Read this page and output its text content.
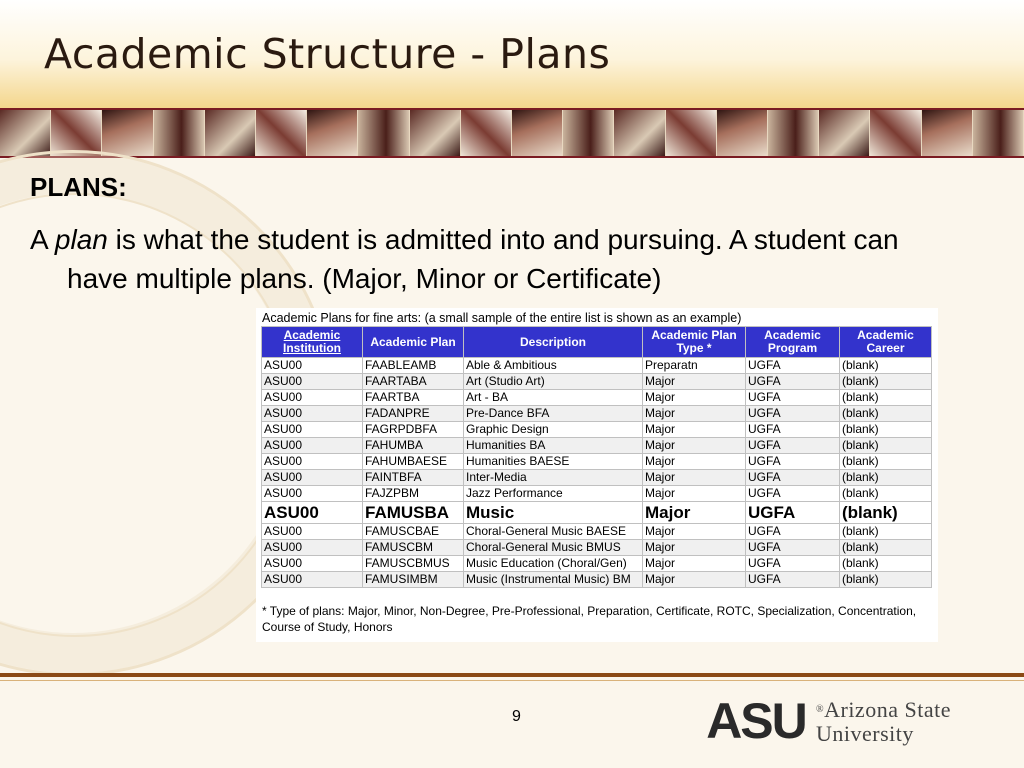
Academic Structure - Plans

PLANS:

A plan is what the student is admitted into and pursuing. A student can have multiple plans. (Major, Minor or Certificate)

Academic Plans for fine arts: (a small sample of the entire list is shown as an example)
Academic Institution	Academic Plan	Description	Academic Plan Type *	Academic Program	Academic Career
ASU00	FAABLEAMB	Able & Ambitious	Preparatn	UGFA	(blank)
ASU00	FAARTABA	Art (Studio Art)	Major	UGFA	(blank)
ASU00	FAARTBA	Art - BA	Major	UGFA	(blank)
ASU00	FADANPRE	Pre-Dance BFA	Major	UGFA	(blank)
ASU00	FAGRPDBFA	Graphic Design	Major	UGFA	(blank)
ASU00	FAHUMBA	Humanities BA	Major	UGFA	(blank)
ASU00	FAHUMBAESE	Humanities BAESE	Major	UGFA	(blank)
ASU00	FAINTBFA	Inter-Media	Major	UGFA	(blank)
ASU00	FAJZPBM	Jazz Performance	Major	UGFA	(blank)
ASU00	FAMUSBA	Music	Major	UGFA	(blank)
ASU00	FAMUSCBAE	Choral-General Music BAESE	Major	UGFA	(blank)
ASU00	FAMUSCBM	Choral-General Music BMUS	Major	UGFA	(blank)
ASU00	FAMUSCBMUS	Music Education (Choral/Gen)	Major	UGFA	(blank)
ASU00	FAMUSIMBM	Music (Instrumental Music) BM	Major	UGFA	(blank)
* Type of plans: Major, Minor, Non-Degree, Pre-Professional, Preparation, Certificate, ROTC, Specialization, Concentration, Course of Study, Honors
9	ASU ®Arizona State
University
